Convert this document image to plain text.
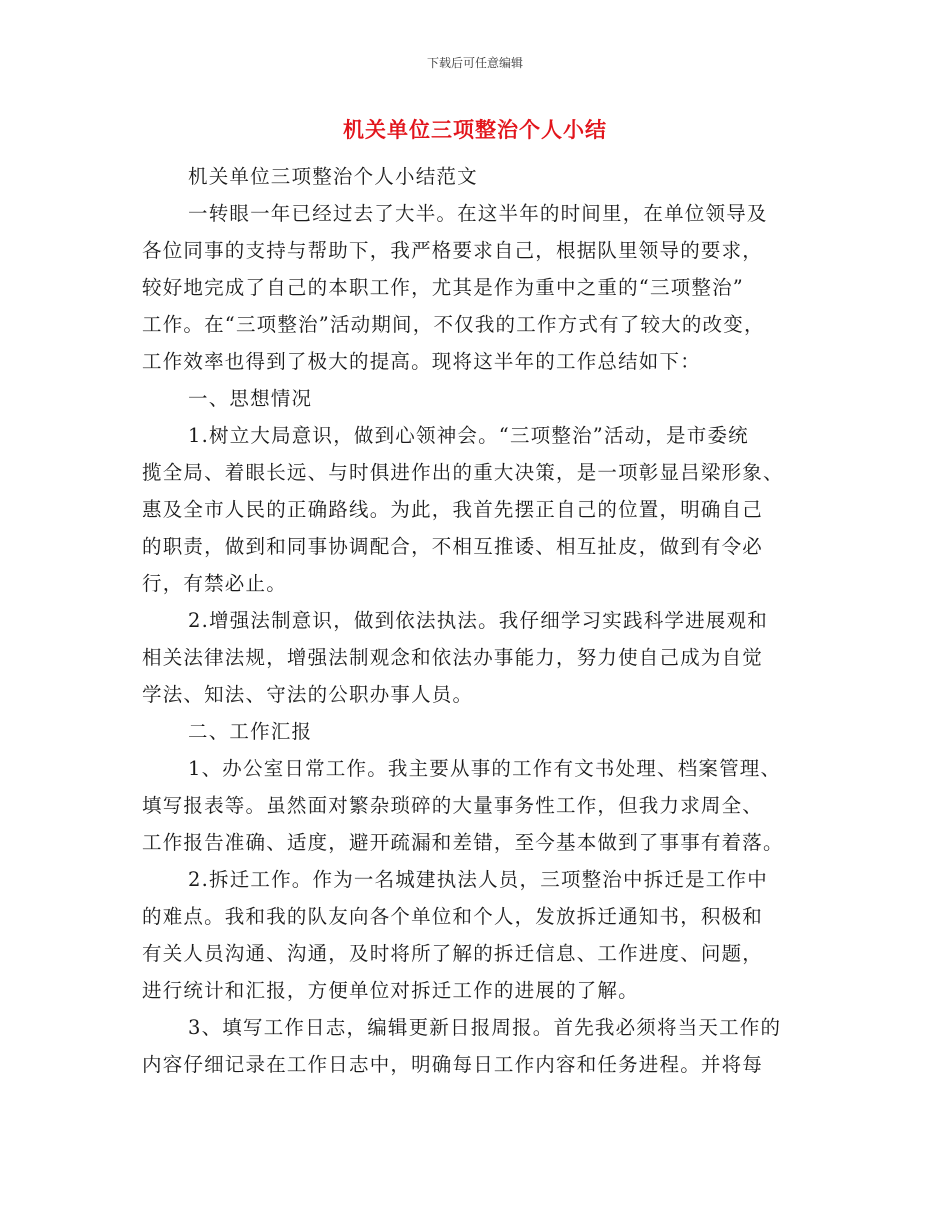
下载后可任意编辑
机关单位三项整治个人小结

机关单位三项整治个人小结范文

一转眼一年已经过去了大半。在这半年的时间里，在单位领导及

各位同事的支持与帮助下，我严格要求自己，根据队里领导的要求，

较好地完成了自己的本职工作，尤其是作为重中之重的“三项整治”

工作。在“三项整治”活动期间，不仅我的工作方式有了较大的改变，

工作效率也得到了极大的提高。现将这半年的工作总结如下：

一、思想情况

1.树立大局意识，做到心领神会。“三项整治”活动，是市委统

揽全局、着眼长远、与时俱进作出的重大决策，是一项彰显吕梁形象、

惠及全市人民的正确路线。为此，我首先摆正自己的位置，明确自己

的职责，做到和同事协调配合，不相互推诿、相互扯皮，做到有令必

行，有禁必止。

2.增强法制意识，做到依法执法。我仔细学习实践科学进展观和

相关法律法规，增强法制观念和依法办事能力，努力使自己成为自觉

学法、知法、守法的公职办事人员。

二、工作汇报

1、办公室日常工作。我主要从事的工作有文书处理、档案管理、

填写报表等。虽然面对繁杂琐碎的大量事务性工作，但我力求周全、

工作报告准确、适度，避开疏漏和差错，至今基本做到了事事有着落。

2.拆迁工作。作为一名城建执法人员，三项整治中拆迁是工作中

的难点。我和我的队友向各个单位和个人，发放拆迁通知书，积极和

有关人员沟通、沟通，及时将所了解的拆迁信息、工作进度、问题，

进行统计和汇报，方便单位对拆迁工作的进展的了解。

3、填写工作日志，编辑更新日报周报。首先我必须将当天工作的

内容仔细记录在工作日志中，明确每日工作内容和任务进程。并将每
